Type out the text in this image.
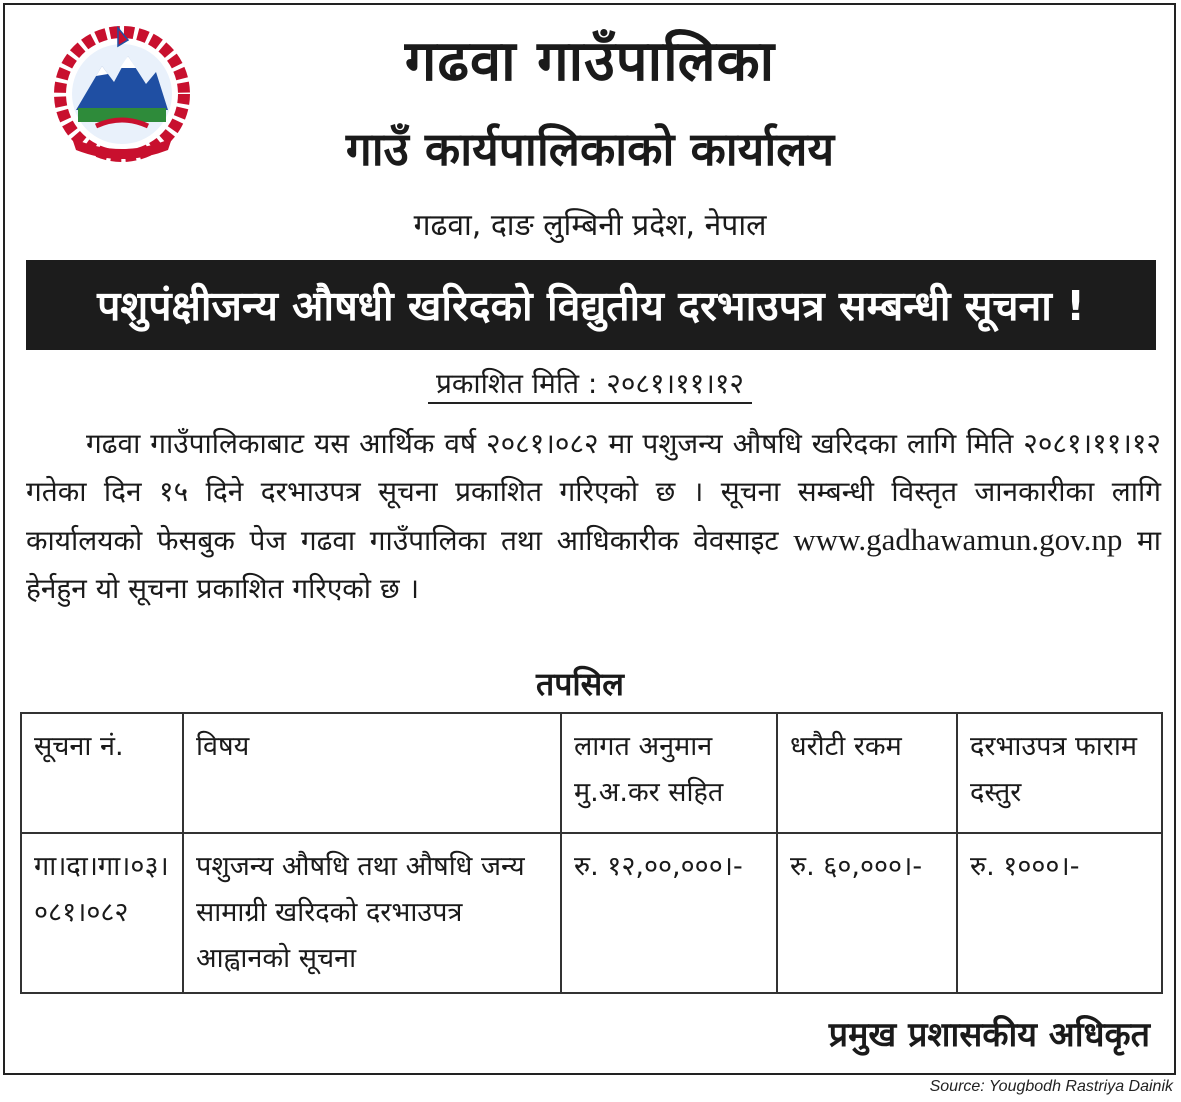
गढवा गाउँपालिका
गाउँ कार्यपालिकाको कार्यालय
गढवा, दाङ लुम्बिनी प्रदेश, नेपाल
पशुपंक्षीजन्य औषधी खरिदको विद्युतीय दरभाउपत्र सम्बन्धी सूचना !
प्रकाशित मिति : २०८१।११।१२
गढवा गाउँपालिकाबाट यस आर्थिक वर्ष २०८१।०८२ मा पशुजन्य औषधि खरिदका लागि मिति २०८१।११।१२ गतेका दिन १५ दिने दरभाउपत्र सूचना प्रकाशित गरिएको छ । सूचना सम्बन्धी विस्तृत जानकारीका लागि कार्यालयको फेसबुक पेज गढवा गाउँपालिका तथा आधिकारीक वेवसाइट www.gadhawamun.gov.np मा हेर्नहुन यो सूचना प्रकाशित गरिएको छ ।
तपसिल
सूचना नं.	विषय	लागत अनुमान मु.अ.कर सहित	धरौटी रकम	दरभाउपत्र फाराम दस्तुर
गा।दा।गा।०३। ०८१।०८२	पशुजन्य औषधि तथा औषधि जन्य सामाग्री खरिदको दरभाउपत्र आह्वानको सूचना	रु. १२,००,०००।-	रु. ६०,०००।-	रु. १०००।-
प्रमुख प्रशासकीय अधिकृत
Source: Yougbodh Rastriya Dainik
